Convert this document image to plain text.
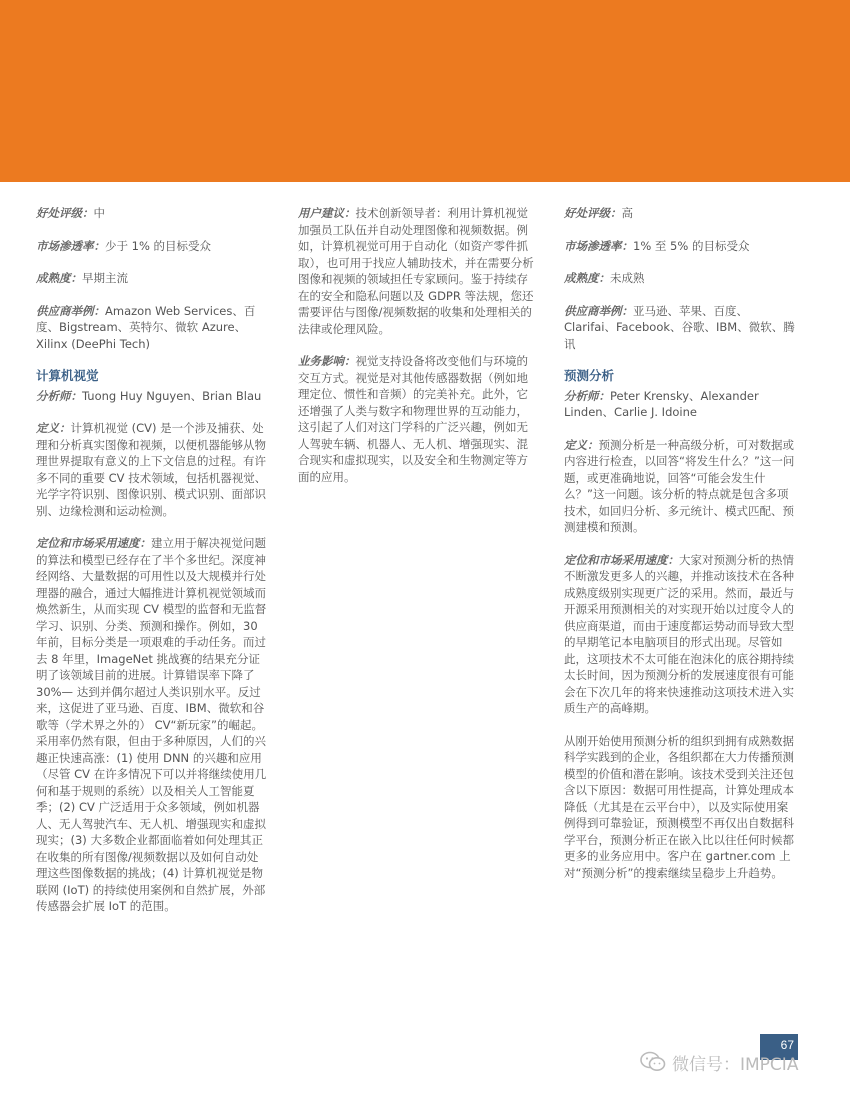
好处评级：中

市场渗透率：少于 1% 的目标受众

成熟度：早期主流

供应商举例：Amazon Web Services、百度、Bigstream、英特尔、微软 Azure、Xilinx (DeePhi Tech)

计算机视觉

分析师：Tuong Huy Nguyen、Brian Blau

定义：计算机视觉 (CV) 是一个涉及捕获、处理和分析真实图像和视频，以便机器能够从物理世界提取有意义的上下文信息的过程。有许多不同的重要 CV 技术领域，包括机器视觉、光学字符识别、图像识别、模式识别、面部识别、边缘检测和运动检测。

定位和市场采用速度：建立用于解决视觉问题的算法和模型已经存在了半个多世纪。深度神经网络、大量数据的可用性以及大规模并行处理器的融合，通过大幅推进计算机视觉领域而焕然新生，从而实现 CV 模型的监督和无监督学习、识别、分类、预测和操作。例如，30 年前，目标分类是一项艰难的手动任务。而过去 8 年里，ImageNet 挑战赛的结果充分证明了该领域目前的进展。计算错误率下降了 30%— 达到并偶尔超过人类识别水平。反过来，这促进了亚马逊、百度、IBM、微软和谷歌等（学术界之外的） CV“新玩家”的崛起。采用率仍然有限，但由于多种原因，人们的兴趣正快速高涨：(1) 使用 DNN 的兴趣和应用（尽管 CV 在许多情况下可以并将继续使用几何和基于规则的系统）以及相关人工智能夏季；(2) CV 广泛适用于众多领域，例如机器人、无人驾驶汽车、无人机、增强现实和虚拟现实；(3) 大多数企业都面临着如何处理其正在收集的所有图像/视频数据以及如何自动处理这些图像数据的挑战；(4) 计算机视觉是物联网 (IoT) 的持续使用案例和自然扩展，外部传感器会扩展 IoT 的范围。

用户建议：技术创新领导者：利用计算机视觉加强员工队伍并自动处理图像和视频数据。例如，计算机视觉可用于自动化（如资产零件抓取），也可用于找应人辅助技术，并在需要分析图像和视频的领域担任专家顾问。鉴于持续存在的安全和隐私问题以及 GDPR 等法规，您还需要评估与图像/视频数据的收集和处理相关的法律或伦理风险。

业务影响：视觉支持设备将改变他们与环境的交互方式。视觉是对其他传感器数据（例如地理定位、惯性和音频）的完美补充。此外，它还增强了人类与数字和物理世界的互动能力，这引起了人们对这门学科的广泛兴趣，例如无人驾驶车辆、机器人、无人机、增强现实、混合现实和虚拟现实，以及安全和生物测定等方面的应用。

好处评级：高

市场渗透率：1% 至 5% 的目标受众

成熟度：未成熟

供应商举例：亚马逊、苹果、百度、Clarifai、Facebook、谷歌、IBM、微软、腾讯

预测分析

分析师：Peter Krensky、Alexander Linden、Carlie J. Idoine

定义：预测分析是一种高级分析，可对数据或内容进行检查，以回答“将发生什么？”这一问题，或更准确地说，回答“可能会发生什么？”这一问题。该分析的特点就是包含多项技术，如回归分析、多元统计、模式匹配、预测建模和预测。

定位和市场采用速度：大家对预测分析的热情不断激发更多人的兴趣，并推动该技术在各种成熟度级别实现更广泛的采用。然而，最近与开源采用预测相关的对实现开始以过度令人的供应商渠道，而由于速度都运势动而导致大型的早期笔记本电脑项目的形式出现。尽管如此，这项技术不太可能在泡沫化的底谷期持续太长时间，因为预测分析的发展速度很有可能会在下次几年的将来快速推动这项技术进入实质生产的高峰期。

从刚开始使用预测分析的组织到拥有成熟数据科学实践到的企业，各组织都在大力传播预测模型的价值和潜在影响。该技术受到关注还包含以下原因：数据可用性提高，计算处理成本降低（尤其是在云平台中），以及实际使用案例得到可靠验证，预测模型不再仅出自数据科学平台，预测分析正在嵌入比以往任何时候都更多的业务应用中。客户在 gartner.com 上对“预测分析”的搜索继续呈稳步上升趋势。

67
微信号：IMPCIA
